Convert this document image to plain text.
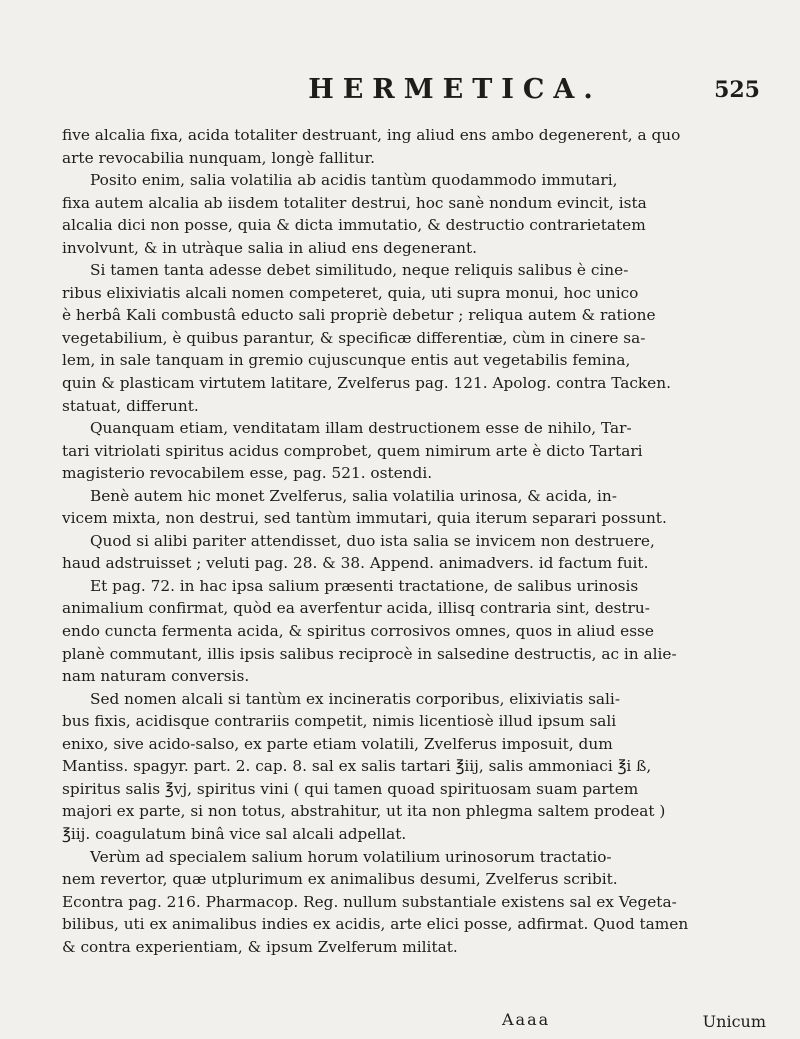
HERMETICA.	525
five alcalia fixa, acida totaliter destruant, ing aliud ens ambo degenerent, a quo
arte revocabilia nunquam, longè fallitur.
Posito enim, salia volatilia ab acidis tantùm quodammodo immutari,
fixa autem alcalia ab iisdem totaliter destrui, hoc sanè nondum evincit, ista
alcalia dici non posse, quia & dicta immutatio, & destructio contrarietatem
involvunt, & in utràque salia in aliud ens degenerant.
Si tamen tanta adesse debet similitudo, neque reliquis salibus è cine-
ribus elixiviatis alcali nomen competeret, quia, uti supra monui, hoc unico
è herbâ Kali combustâ educto sali propriè debetur ; reliqua autem & ratione
vegetabilium, è quibus parantur, & specificæ differentiæ, cùm in cinere sa-
lem, in sale tanquam in gremio cujuscunque entis aut vegetabilis femina,
quin & plasticam virtutem latitare, Zvelferus pag. 121. Apolog. contra Tacken.
statuat, differunt.
Quanquam etiam, venditatam illam destructionem esse de nihilo, Tar-
tari vitriolati spiritus acidus comprobet, quem nimirum arte è dicto Tartari
magisterio revocabilem esse, pag. 521. ostendi.
Benè autem hic monet Zvelferus, salia volatilia urinosa, & acida, in-
vicem mixta, non destrui, sed tantùm immutari, quia iterum separari possunt.
Quod si alibi pariter attendisset, duo ista salia se invicem non destruere,
haud adstruisset ; veluti pag. 28. & 38. Append. animadvers. id factum fuit.
Et pag. 72. in hac ipsa salium præsenti tractatione, de salibus urinosis
animalium confirmat, quòd ea averfentur acida, illisq contraria sint, destru-
endo cuncta fermenta acida, & spiritus corrosivos omnes, quos in aliud esse
planè commutant, illis ipsis salibus reciprocè in salsedine destructis, ac in alie-
nam naturam conversis.
Sed nomen alcali si tantùm ex incineratis corporibus, elixiviatis sali-
bus fixis, acidisque contrariis competit, nimis licentiosè illud ipsum sali
enixo, sive acido-salso, ex parte etiam volatili, Zvelferus imposuit, dum
Mantiss. spagyr. part. 2. cap. 8. sal ex salis tartari ℥iij, salis ammoniaci ℥i ß,
spiritus salis ℥vj, spiritus vini ( qui tamen quoad spirituosam suam partem
majori ex parte, si non totus, abstrahitur, ut ita non phlegma saltem prodeat )
℥iij. coagulatum binâ vice sal alcali adpellat.
Verùm ad specialem salium horum volatilium urinosorum tractatio-
nem revertor, quæ utplurimum ex animalibus desumi, Zvelferus scribit.
Econtra pag. 216. Pharmacop. Reg. nullum substantiale existens sal ex Vegeta-
bilibus, uti ex animalibus indies ex acidis, arte elici posse, adfirmat. Quod tamen
& contra experientiam, & ipsum Zvelferum militat.
Aaaa	Unicum
